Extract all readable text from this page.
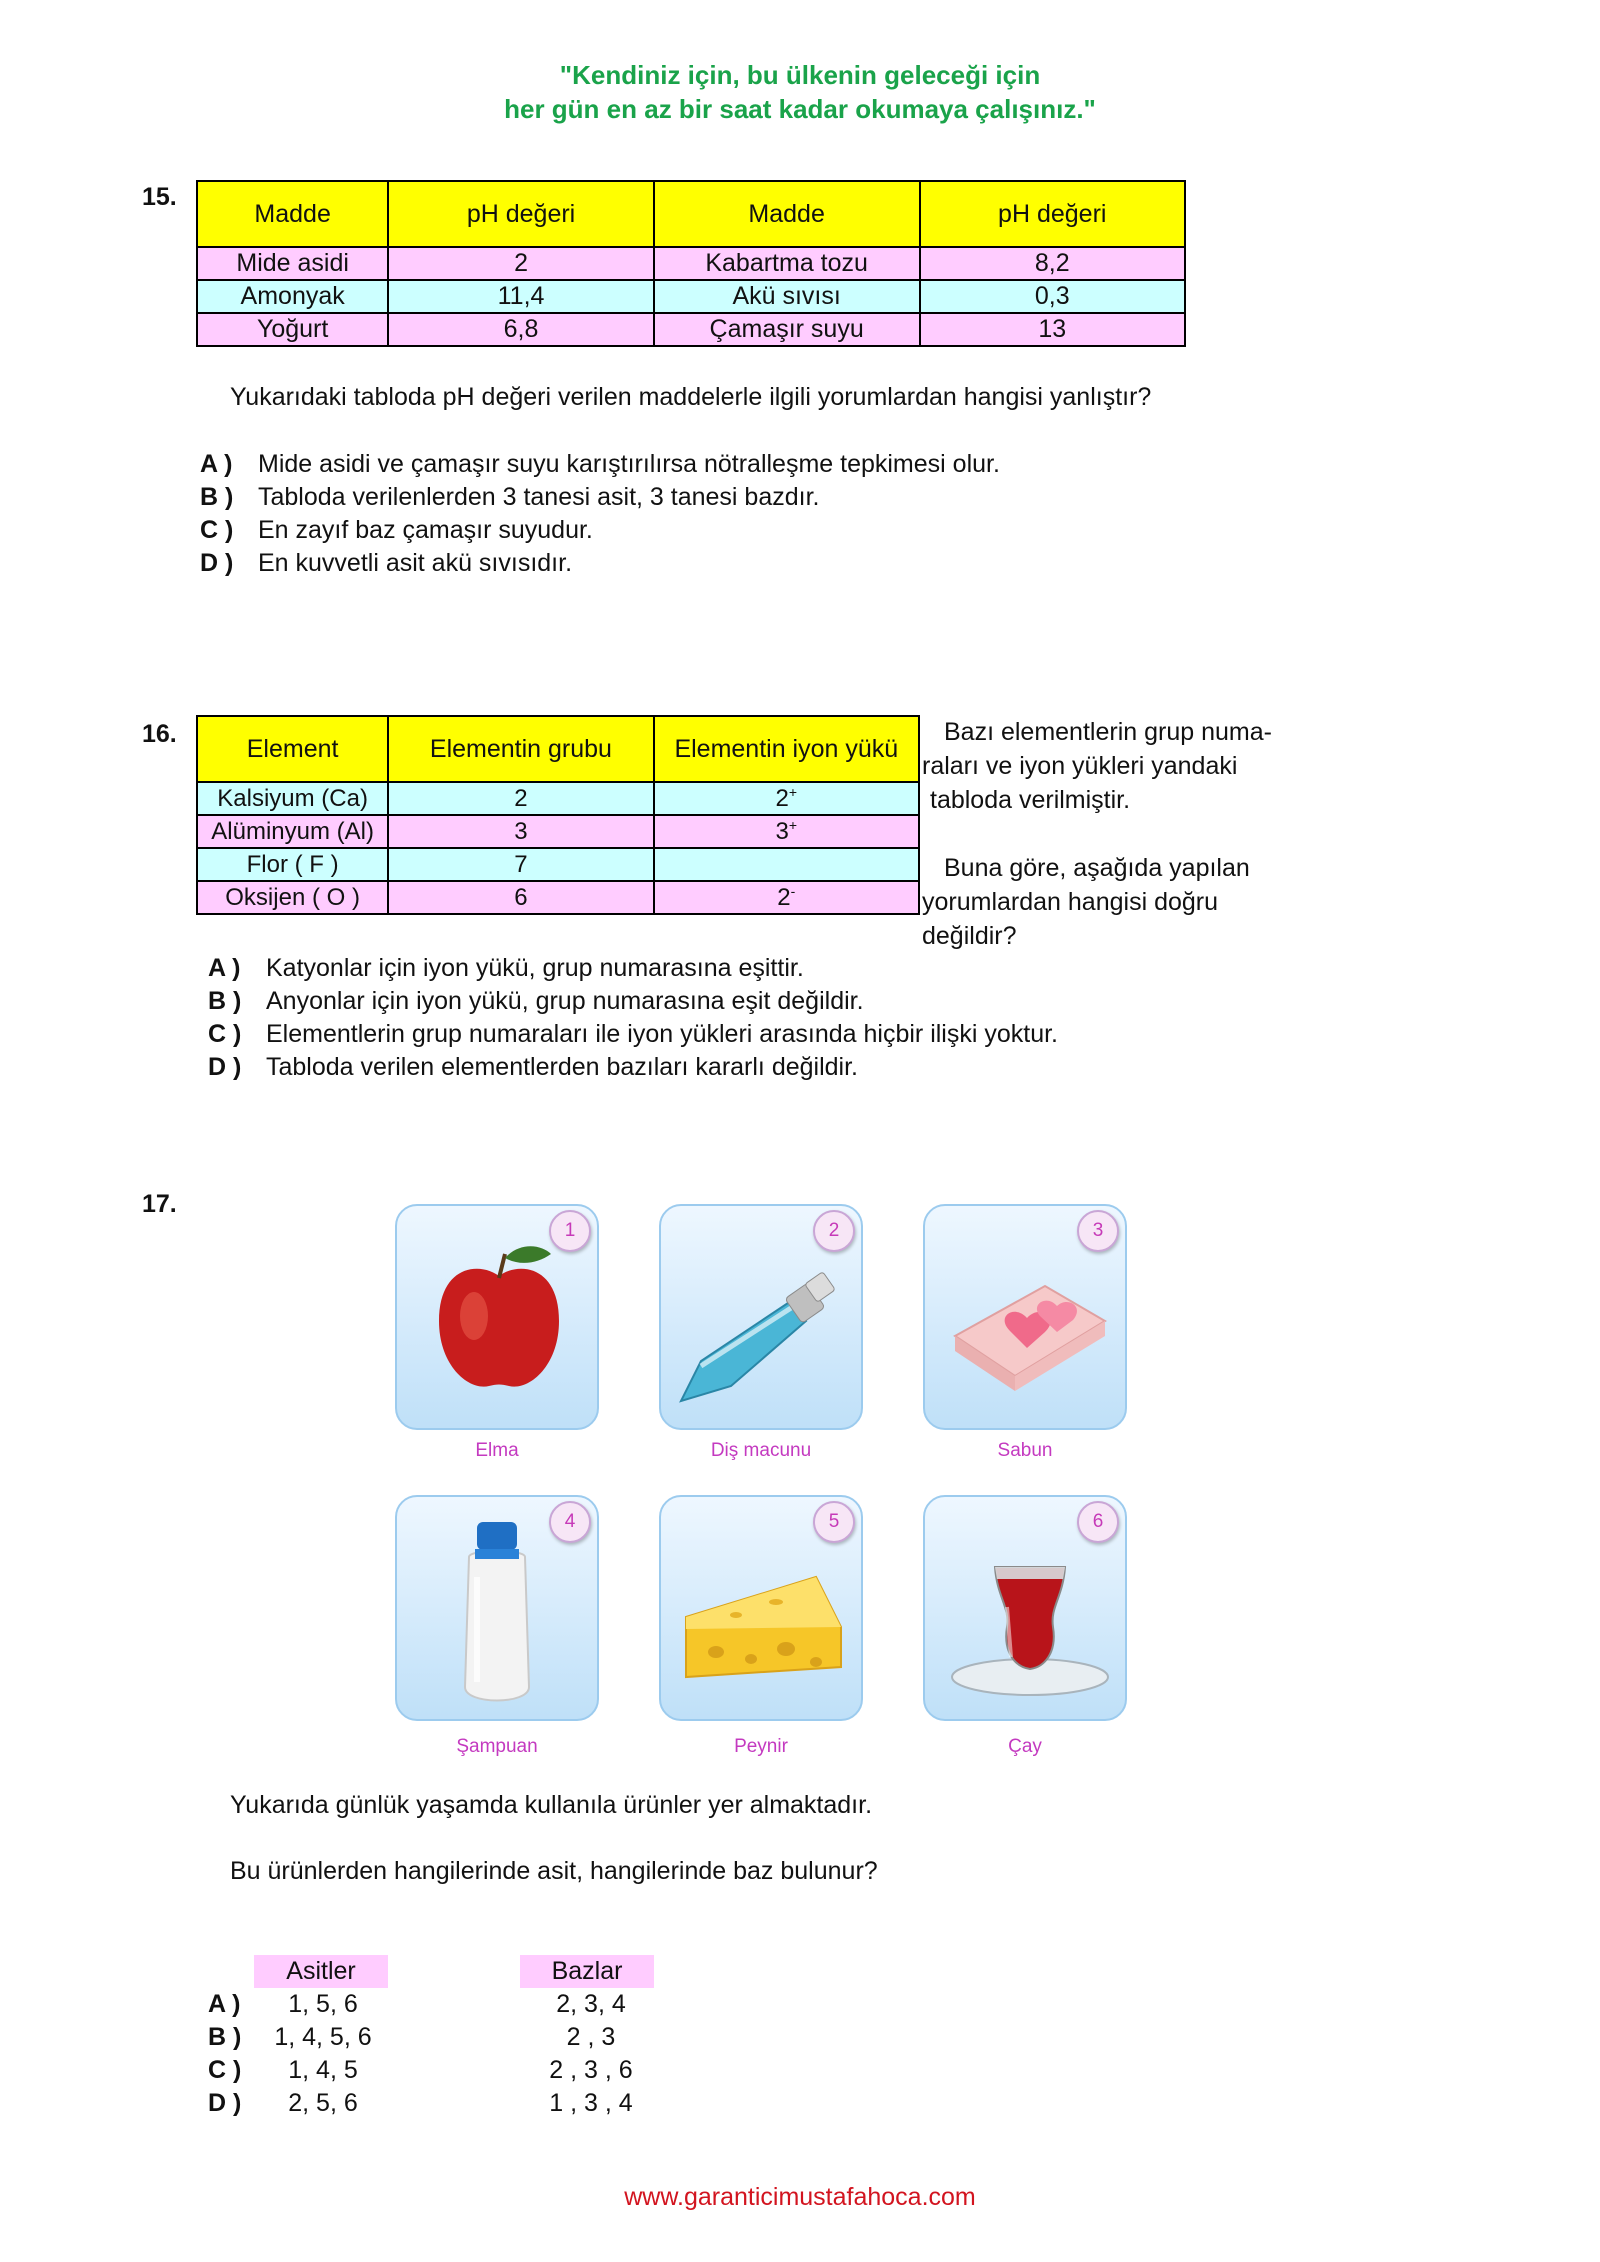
"Kendiniz için, bu ülkenin geleceği için
her gün en az bir saat kadar okumaya çalışınız."
15.
Madde	pH değeri	Madde	pH değeri
Mide asidi	2	Kabartma tozu	8,2
Amonyak	11,4	Akü sıvısı	0,3
Yoğurt	6,8	Çamaşır suyu	13
Yukarıdaki tabloda pH değeri verilen maddelerle ilgili yorumlardan hangisi yanlıştır?
A ) Mide asidi ve çamaşır suyu karıştırılırsa nötralleşme tepkimesi olur.
B ) Tabloda verilenlerden 3 tanesi asit, 3 tanesi bazdır.
C ) En zayıf baz çamaşır suyudur.
D ) En kuvvetli asit akü sıvısıdır.
16.
Element	Elementin grubu	Elementin iyon yükü
Kalsiyum (Ca)	2	2+
Alüminyum (Al)	3	3+
Flor ( F )	7	
Oksijen ( O )	6	2-
Bazı elementlerin grup numa-
raları ve iyon yükleri yandaki
tabloda verilmiştir.
Buna göre, aşağıda yapılan
yorumlardan hangisi doğru
değildir?
A ) Katyonlar için iyon yükü, grup numarasına eşittir.
B ) Anyonlar için iyon yükü, grup numarasına eşit değildir.
C ) Elementlerin grup numaraları ile iyon yükleri arasında hiçbir ilişki yoktur.
D ) Tabloda verilen elementlerden bazıları kararlı değildir.
17.
1
Elma
2
Diş macunu
3
Sabun
4
Şampuan
5
Peynir
6
Çay
Yukarıda günlük yaşamda kullanıla ürünler yer almaktadır.
Bu ürünlerden hangilerinde asit, hangilerinde baz bulunur?
Asitler	Bazlar
A ) 1, 5, 6	2, 3, 4
B ) 1, 4, 5, 6	2 , 3
C ) 1, 4, 5	2 , 3 , 6
D ) 2, 5, 6	1 , 3 , 4
www.garanticimustafahoca.com
